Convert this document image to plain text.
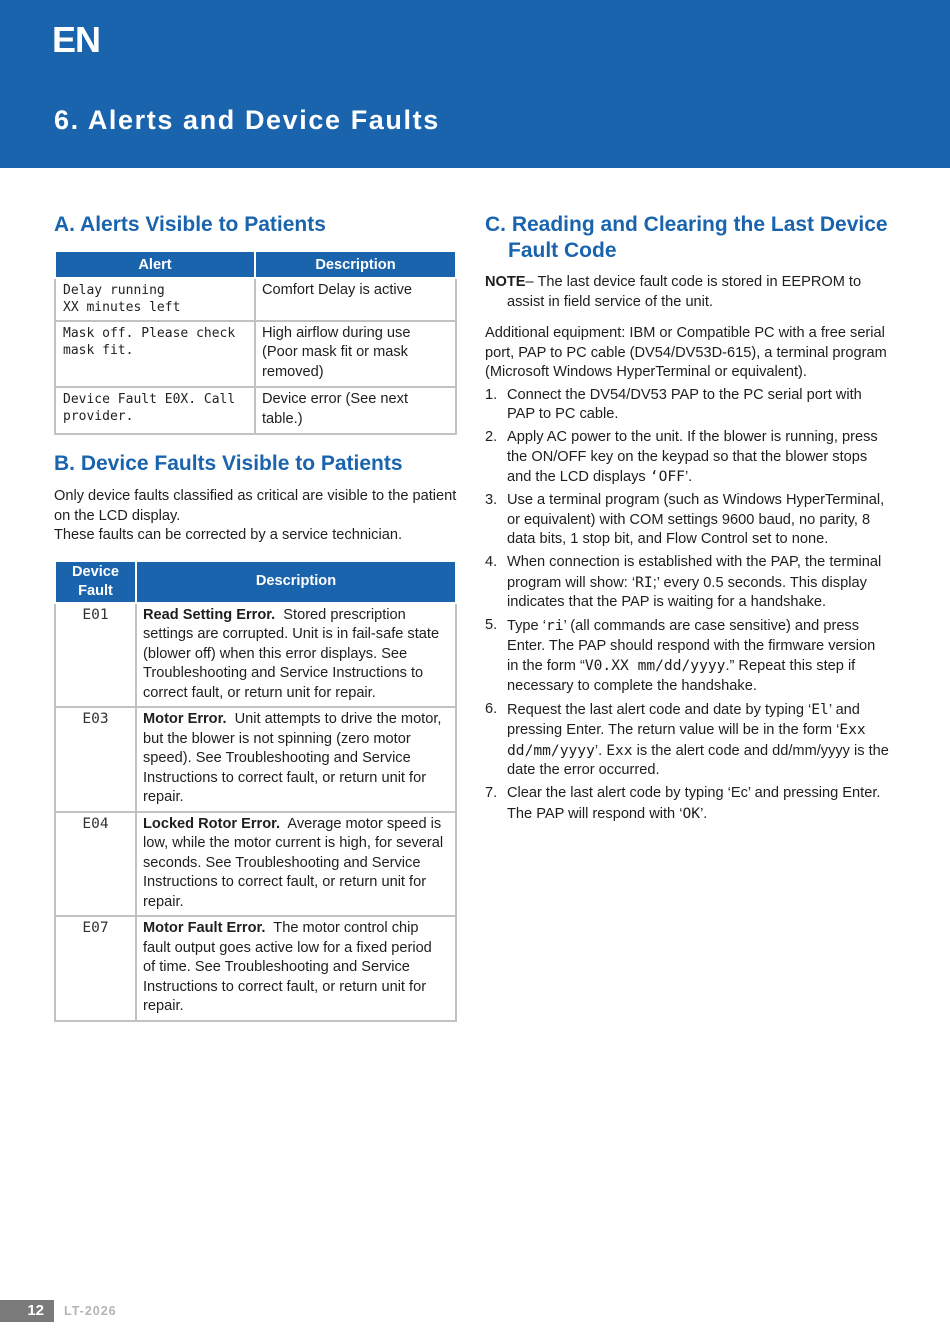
EN
6. Alerts and Device Faults
A. Alerts Visible to Patients
Alert	Description
Delay running
XX minutes left	Comfort Delay is active
Mask off. Please check
mask fit.	High airflow during use (Poor mask fit or mask removed)
Device Fault E0X. Call
provider.	Device error (See next table.)
B. Device Faults Visible to Patients

Only device faults classified as critical are visible to the patient on the LCD display.
These faults can be corrected by a service technician.

Device Fault	Description
E01	Read Setting Error. Stored prescription settings are corrupted. Unit is in fail-safe state (blower off) when this error displays. See Troubleshooting and Service Instructions to correct fault, or return unit for repair.
E03	Motor Error. Unit attempts to drive the motor, but the blower is not spinning (zero motor speed). See Troubleshooting and Service Instructions to correct fault, or return unit for repair.
E04	Locked Rotor Error. Average motor speed is low, while the motor current is high, for several seconds. See Troubleshooting and Service Instructions to correct fault, or return unit for repair.
E07	Motor Fault Error. The motor control chip fault output goes active low for a fixed period of time. See Troubleshooting and Service Instructions to correct fault, or return unit for repair.
C. Reading and Clearing the Last Device Fault Code

NOTE– The last device fault code is stored in EEPROM to assist in field service of the unit.

Additional equipment: IBM or Compatible PC with a free serial port, PAP to PC cable (DV54/DV53D-615), a terminal program (Microsoft Windows HyperTerminal or equivalent).

1. Connect the DV54/DV53 PAP to the PC serial port with PAP to PC cable.
2. Apply AC power to the unit. If the blower is running, press the ON/OFF key on the keypad so that the blower stops and the LCD displays ‘OFF’.
3. Use a terminal program (such as Windows HyperTerminal, or equivalent) with COM settings 9600 baud, no parity, 8 data bits, 1 stop bit, and Flow Control set to none.
4. When connection is established with the PAP, the terminal program will show: ‘RI;’ every 0.5 seconds. This display indicates that the PAP is waiting for a handshake.
5. Type ‘ri’ (all commands are case sensitive) and press Enter. The PAP should respond with the firmware version in the form “V0.XX mm/dd/yyyy.” Repeat this step if necessary to complete the handshake.
6. Request the last alert code and date by typing ‘El’ and pressing Enter. The return value will be in the form ‘Exx dd/mm/yyyy’. Exx is the alert code and dd/mm/yyyy is the date the error occurred.
7. Clear the last alert code by typing ‘Ec’ and pressing Enter. The PAP will respond with ‘OK’.
12	LT-2026
